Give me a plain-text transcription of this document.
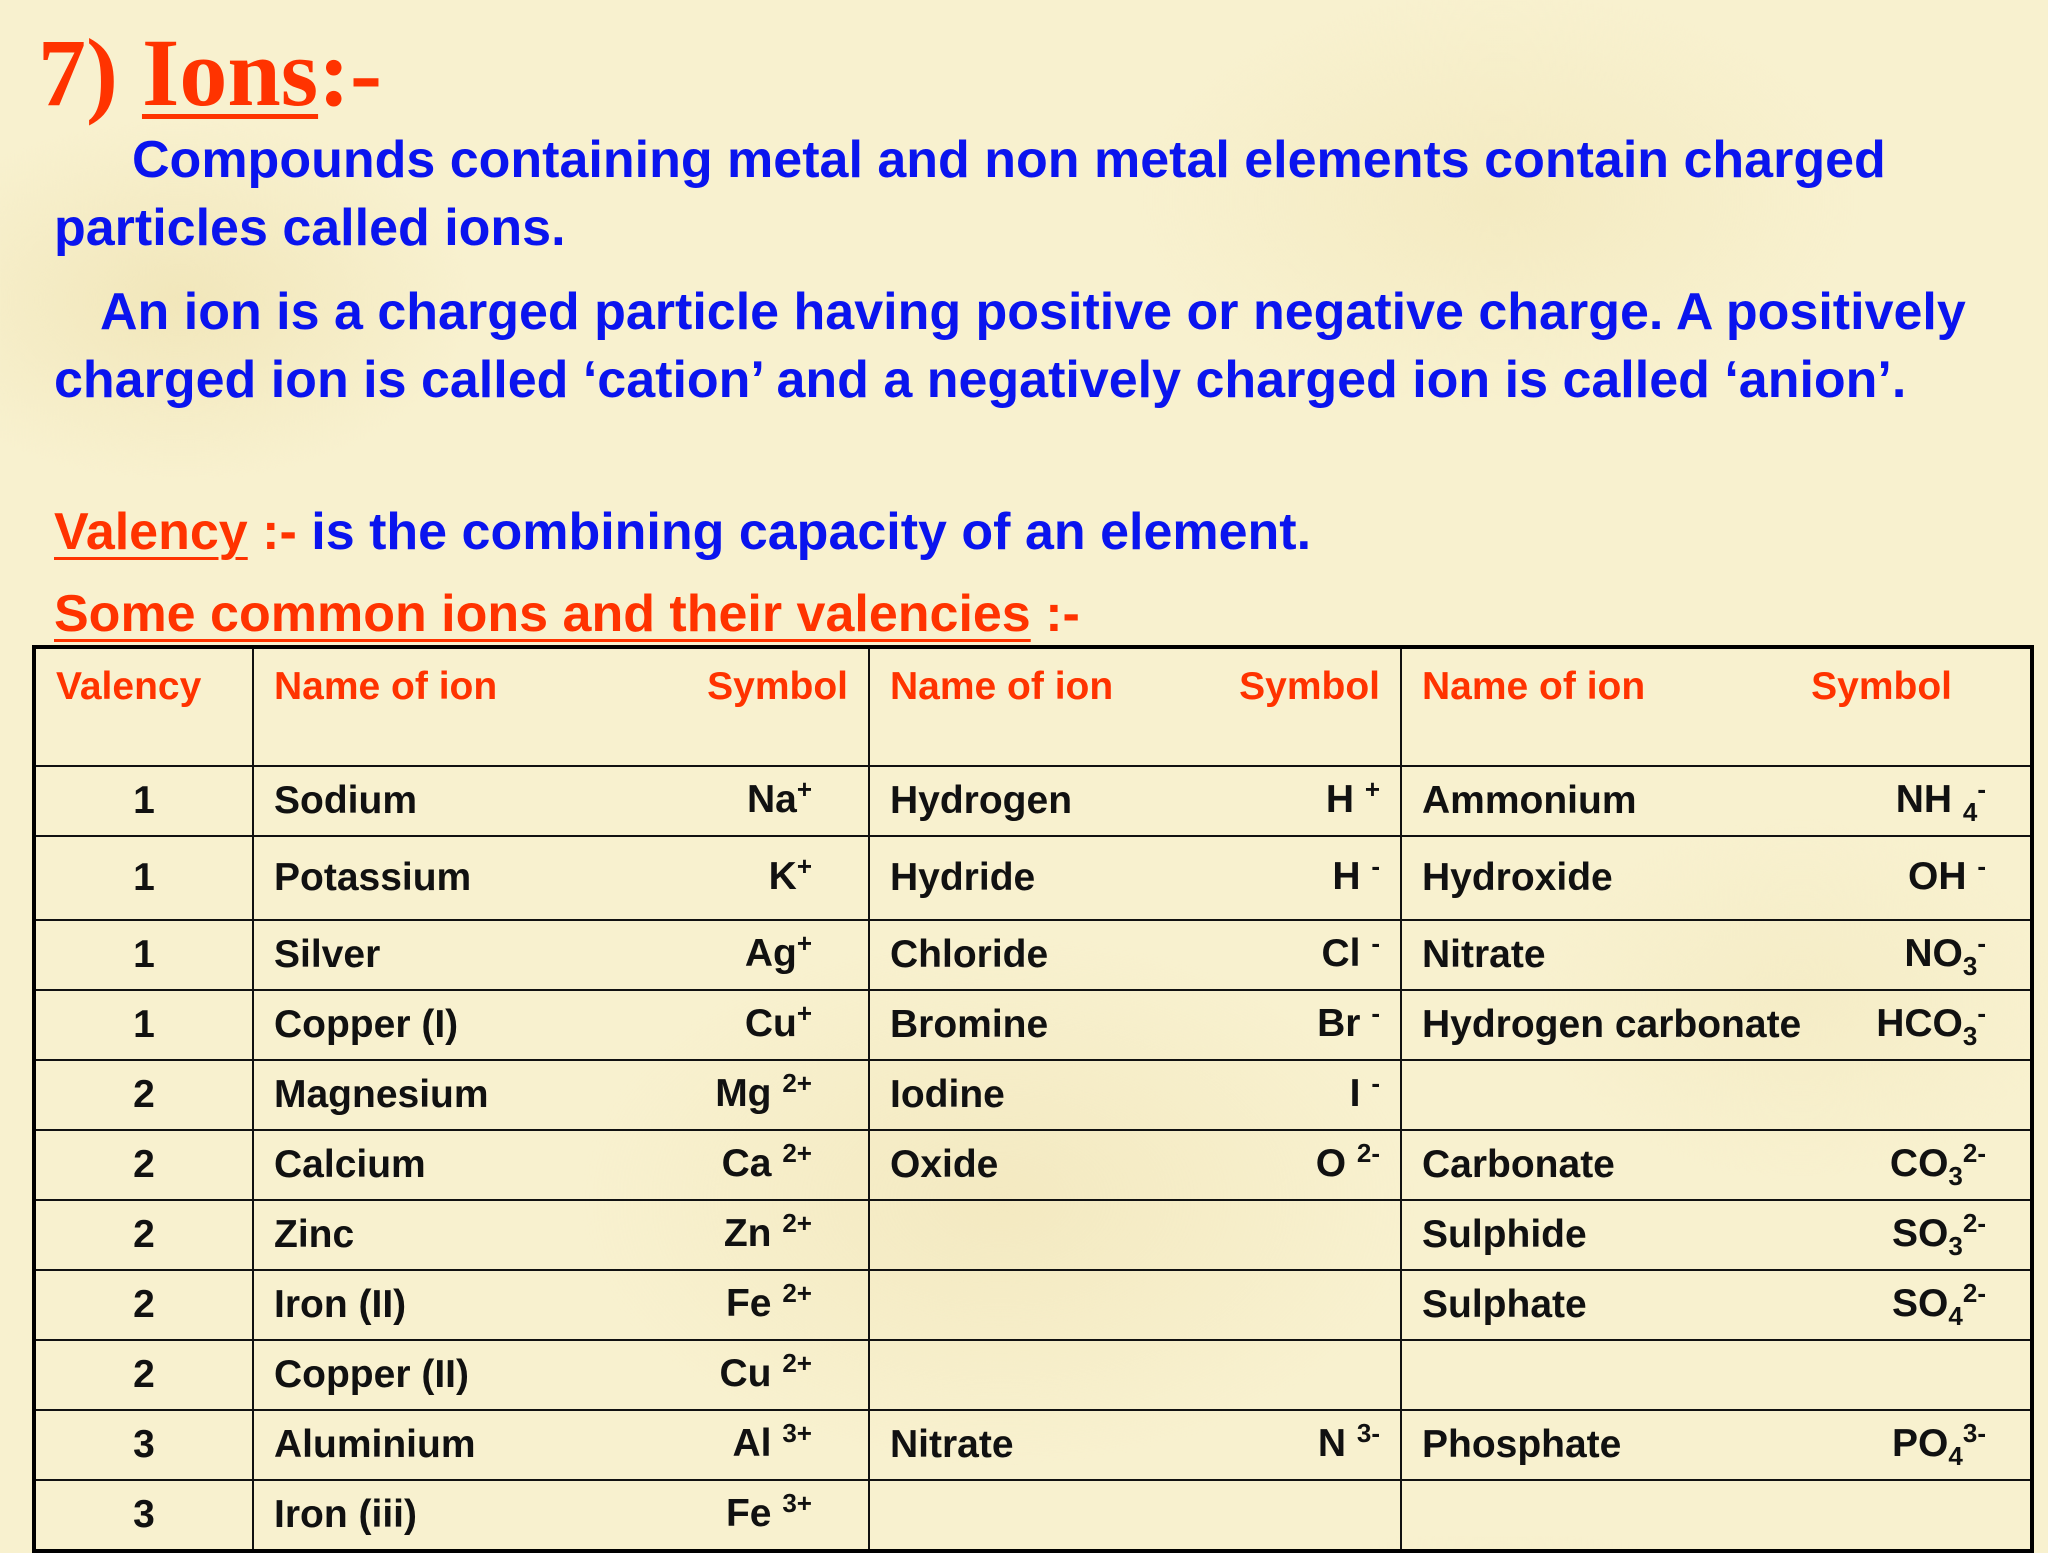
7) Ions:-

Compounds containing metal and non metal elements contain charged particles called ions.

An ion is a charged particle having positive or negative charge. A positively charged ion is called ‘cation’ and a negatively charged ion is called ‘anion’.

Valency :- is the combining capacity of an element.

Some common ions and their valencies :-

Valency	Name of ion Symbol	Name of ion Symbol	Name of ion Symbol

1	Sodium Na+	Hydrogen H +	Ammonium NH $_4$-

1	Potassium K+	Hydride H -	Hydroxide OH -

1	Silver Ag+	Chloride Cl -	Nitrate $NO_3^-$

1	Copper (I) Cu+	Bromine Br -	Hydrogen carbonate $HCO_3^-$

2	Magnesium Mg $^{2+}$	Iodine I -

2	Calcium Ca $^{2+}$	Oxide O $^{2-}$	Carbonate $CO_3^{2-}$

2	Zinc Zn $^{2+}$		Sulphide $SO_3^{2-}$

2	Iron (II) Fe $^{2+}$		Sulphate $SO_4^{2-}$

2	Copper (II) Cu $^{2+}$

3	Aluminium Al $^{3+}$	Nitrate N $^{3-}$	Phosphate $PO_4^{3-}$

3	Iron (iii) Fe $^{3+}$
